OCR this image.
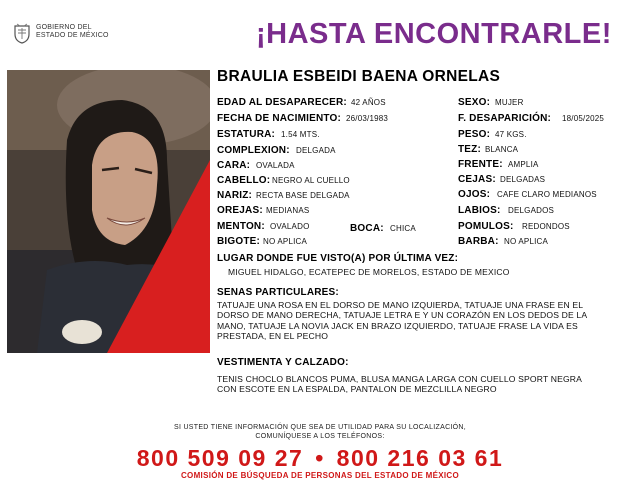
GOBIERNO DEL
ESTADO DE MÉXICO	¡HASTA ENCONTRARLE!
BRAULIA ESBEIDI BAENA ORNELAS
EDAD AL DESAPARECER: 42 AÑOS
FECHA DE NACIMIENTO: 26/03/1983
ESTATURA: 1.54 MTS.
COMPLEXION: DELGADA
CARA: OVALADA
CABELLO: NEGRO AL CUELLO
NARIZ: RECTA BASE DELGADA
OREJAS: MEDIANAS
MENTON: OVALADO	BOCA: CHICA
BIGOTE: NO APLICA
SEXO: MUJER
F. DESAPARICIÓN: 18/05/2025
PESO: 47 KGS.
TEZ: BLANCA
FRENTE: AMPLIA
CEJAS: DELGADAS
OJOS: CAFE CLARO MEDIANOS
LABIOS: DELGADOS
POMULOS: REDONDOS
BARBA: NO APLICA
LUGAR DONDE FUE VISTO(A) POR ÚLTIMA VEZ:
MIGUEL HIDALGO, ECATEPEC DE MORELOS, ESTADO DE MEXICO
SENAS PARTICULARES:
TATUAJE UNA ROSA EN EL DORSO DE MANO IZQUIERDA, TATUAJE UNA FRASE EN EL
DORSO DE MANO DERECHA, TATUAJE LETRA E Y UN CORAZÓN EN LOS DEDOS DE LA
MANO, TATUAJE LA NOVIA JACK EN BRAZO IZQUIERDO, TATUAJE FRASE LA VIDA ES
PRESTADA, EN EL PECHO
VESTIMENTA Y CALZADO:
TENIS CHOCLO BLANCOS PUMA, BLUSA MANGA LARGA CON CUELLO SPORT NEGRA
CON ESCOTE EN LA ESPALDA, PANTALON DE MEZCLILLA NEGRO
SI USTED TIENE INFORMACIÓN QUE SEA DE UTILIDAD PARA SU LOCALIZACIÓN,
COMUNÍQUESE A LOS TELÉFONOS:
800 509 09 27 • 800 216 03 61
COMISIÓN DE BÚSQUEDA DE PERSONAS DEL ESTADO DE MÉXICO
